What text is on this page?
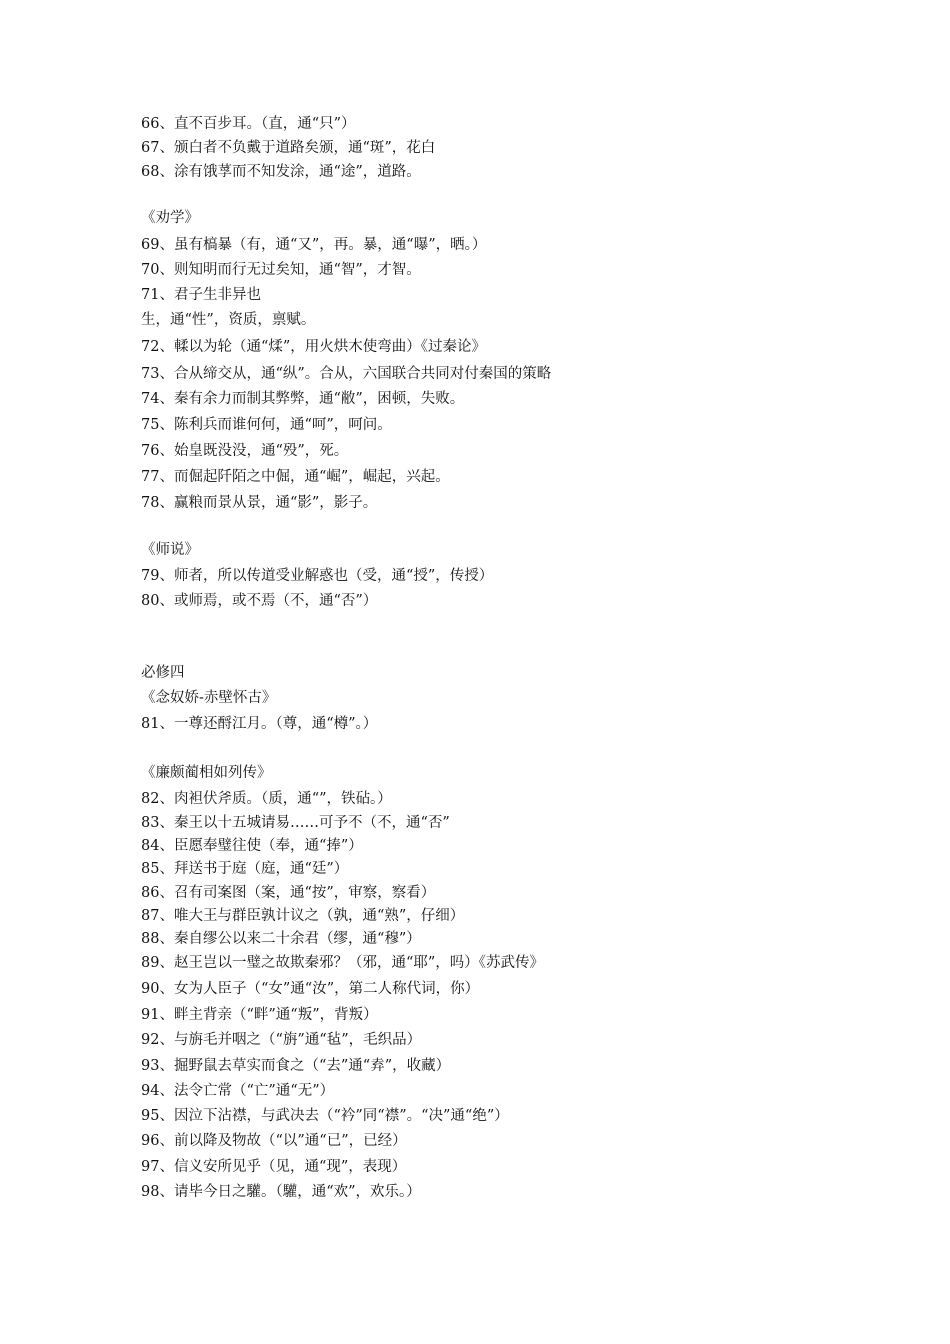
66、直不百步耳。（直，通“只”）
67、颁白者不负戴于道路矣颁，通“斑”，花白
68、涂有饿莩而不知发涂，通“途”，道路。
《劝学》
69、虽有槁暴（有，通“又”，再。暴，通“曝”，晒。）
70、则知明而行无过矣知，通“智”，才智。
71、君子生非异也
生，通“性”，资质，禀赋。
72、輮以为轮（通“煣”，用火烘木使弯曲）《过秦论》
73、合从缔交从，通“纵”。合从，六国联合共同对付秦国的策略
74、秦有余力而制其弊弊，通“敝”，困顿，失败。
75、陈利兵而谁何何，通“呵”，呵问。
76、始皇既没没，通“殁”，死。
77、而倔起阡陌之中倔，通“崛”，崛起，兴起。
78、赢粮而景从景，通“影”，影子。
《师说》
79、师者，所以传道受业解惑也（受，通“授”，传授）
80、或师焉，或不焉（不，通“否”）
必修四
《念奴娇-赤壁怀古》
81、一尊还酹江月。（尊，通“樽”。）
《廉颇蔺相如列传》
82、肉袒伏斧质。（质，通“”，铁砧。）
83、秦王以十五城请易……可予不（不，通“否”
84、臣愿奉璧往使（奉，通“捧”）
85、拜送书于庭（庭，通“廷”）
86、召有司案图（案，通“按”，审察，察看）
87、唯大王与群臣孰计议之（孰，通“熟”，仔细）
88、秦自缪公以来二十余君（缪，通“穆”）
89、赵王岂以一璧之故欺秦邪？（邪，通“耶”，吗）《苏武传》
90、女为人臣子（“女”通“汝”，第二人称代词，你）
91、畔主背亲（“畔”通“叛”，背叛）
92、与旃毛并咽之（“旃”通“毡”，毛织品）
93、掘野鼠去草实而食之（“去”通“弆”，收藏）
94、法令亡常（“亡”通“无”）
95、因泣下沾襟，与武决去（“衿”同“襟”。“决”通“绝”）
96、前以降及物故（“以”通“已”，已经）
97、信义安所见乎（见，通“现”，表现）
98、请毕今日之驩。（驩，通“欢”，欢乐。）
